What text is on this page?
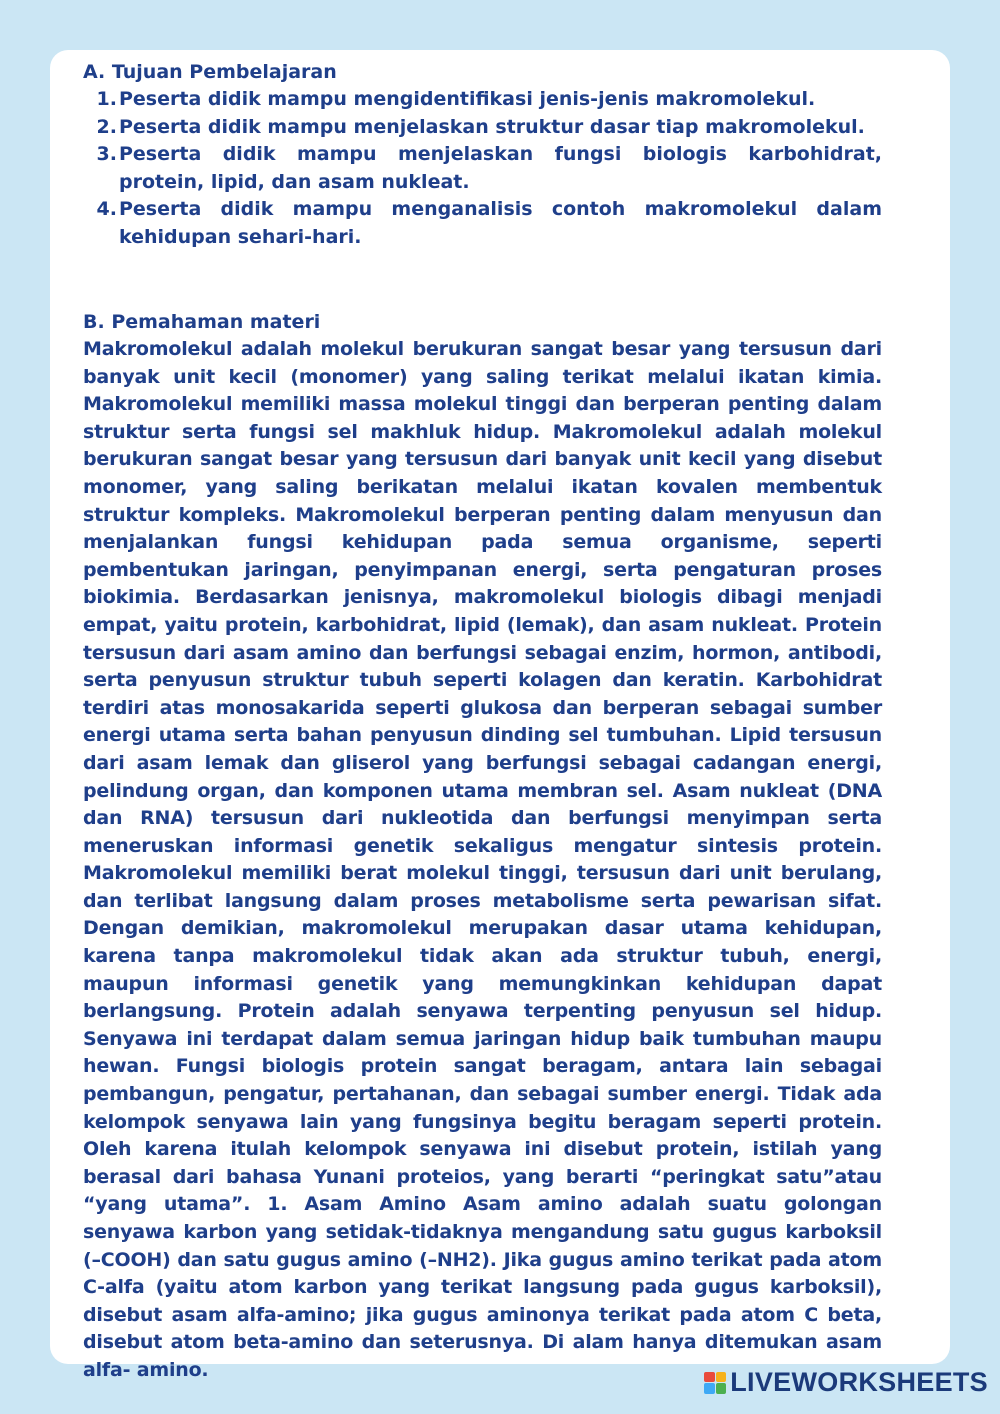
A. Tujuan Pembelajaran

1. Peserta didik mampu mengidentifikasi jenis-jenis makromolekul.
2. Peserta didik mampu menjelaskan struktur dasar tiap makromolekul.
3. Peserta didik mampu menjelaskan fungsi biologis karbohidrat, protein, lipid, dan asam nukleat.
4. Peserta didik mampu menganalisis contoh makromolekul dalam kehidupan sehari-hari.

B. Pemahaman materi

Makromolekul adalah molekul berukuran sangat besar yang tersusun dari banyak unit kecil (monomer) yang saling terikat melalui ikatan kimia. Makromolekul memiliki massa molekul tinggi dan berperan penting dalam struktur serta fungsi sel makhluk hidup. Makromolekul adalah molekul berukuran sangat besar yang tersusun dari banyak unit kecil yang disebut monomer, yang saling berikatan melalui ikatan kovalen membentuk struktur kompleks. Makromolekul berperan penting dalam menyusun dan menjalankan fungsi kehidupan pada semua organisme, seperti pembentukan jaringan, penyimpanan energi, serta pengaturan proses biokimia. Berdasarkan jenisnya, makromolekul biologis dibagi menjadi empat, yaitu protein, karbohidrat, lipid (lemak), dan asam nukleat. Protein tersusun dari asam amino dan berfungsi sebagai enzim, hormon, antibodi, serta penyusun struktur tubuh seperti kolagen dan keratin. Karbohidrat terdiri atas monosakarida seperti glukosa dan berperan sebagai sumber energi utama serta bahan penyusun dinding sel tumbuhan. Lipid tersusun dari asam lemak dan gliserol yang berfungsi sebagai cadangan energi, pelindung organ, dan komponen utama membran sel. Asam nukleat (DNA dan RNA) tersusun dari nukleotida dan berfungsi menyimpan serta meneruskan informasi genetik sekaligus mengatur sintesis protein. Makromolekul memiliki berat molekul tinggi, tersusun dari unit berulang, dan terlibat langsung dalam proses metabolisme serta pewarisan sifat. Dengan demikian, makromolekul merupakan dasar utama kehidupan, karena tanpa makromolekul tidak akan ada struktur tubuh, energi, maupun informasi genetik yang memungkinkan kehidupan dapat berlangsung. Protein adalah senyawa terpenting penyusun sel hidup. Senyawa ini terdapat dalam semua jaringan hidup baik tumbuhan maupu hewan. Fungsi biologis protein sangat beragam, antara lain sebagai pembangun, pengatur, pertahanan, dan sebagai sumber energi. Tidak ada kelompok senyawa lain yang fungsinya begitu beragam seperti protein. Oleh karena itulah kelompok senyawa ini disebut protein, istilah yang berasal dari bahasa Yunani proteios, yang berarti “peringkat satu”atau “yang utama”. 1. Asam Amino Asam amino adalah suatu golongan senyawa karbon yang setidak-tidaknya mengandung satu gugus karboksil (–COOH) dan satu gugus amino (–NH2). Jika gugus amino terikat pada atom C-alfa (yaitu atom karbon yang terikat langsung pada gugus karboksil), disebut asam alfa-amino; jika gugus aminonya terikat pada atom C beta, disebut atom beta-amino dan seterusnya. Di alam hanya ditemukan asam alfa- amino.	LIVEWORKSHEETS
